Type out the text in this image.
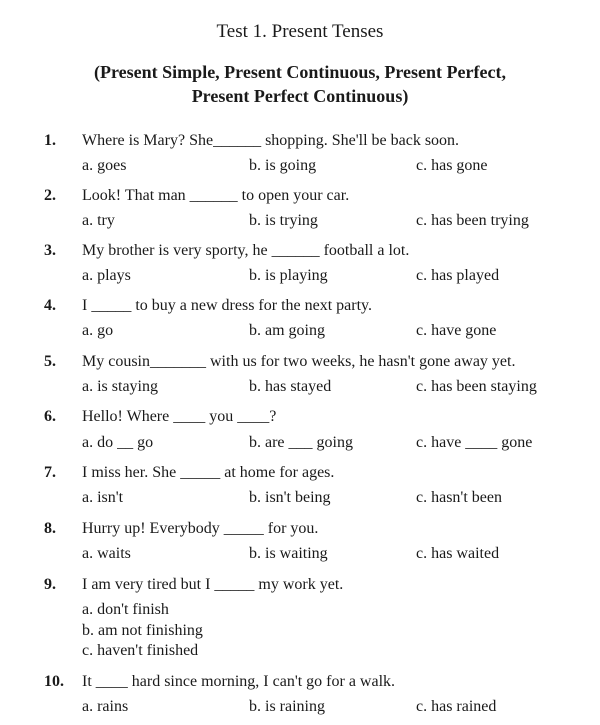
Test 1. Present Tenses
(Present Simple, Present Continuous, Present Perfect,
Present Perfect Continuous)
1. Where is Mary? She______ shopping. She'll be back soon.
a. goes	b. is going	c. has gone
2. Look! That man ______ to open your car.
a. try	b. is trying	c. has been trying
3. My brother is very sporty, he ______ football a lot.
a. plays	b. is playing	c. has played
4. I _____ to buy a new dress for the next party.
a. go	b. am going	c. have gone
5. My cousin_______ with us for two weeks, he hasn't gone away yet.
a. is staying	b. has stayed	c. has been staying
6. Hello! Where ____ you ____?
a. do __ go	b. are ___ going	c. have ____ gone
7. I miss her. She _____ at home for ages.
a. isn't	b. isn't being	c. hasn't been
8. Hurry up! Everybody _____ for you.
a. waits	b. is waiting	c. has waited
9. I am very tired but I _____ my work yet.
a. don't finish
b. am not finishing
c. haven't finished
10. It ____ hard since morning, I can't go for a walk.
a. rains	b. is raining	c. has rained
